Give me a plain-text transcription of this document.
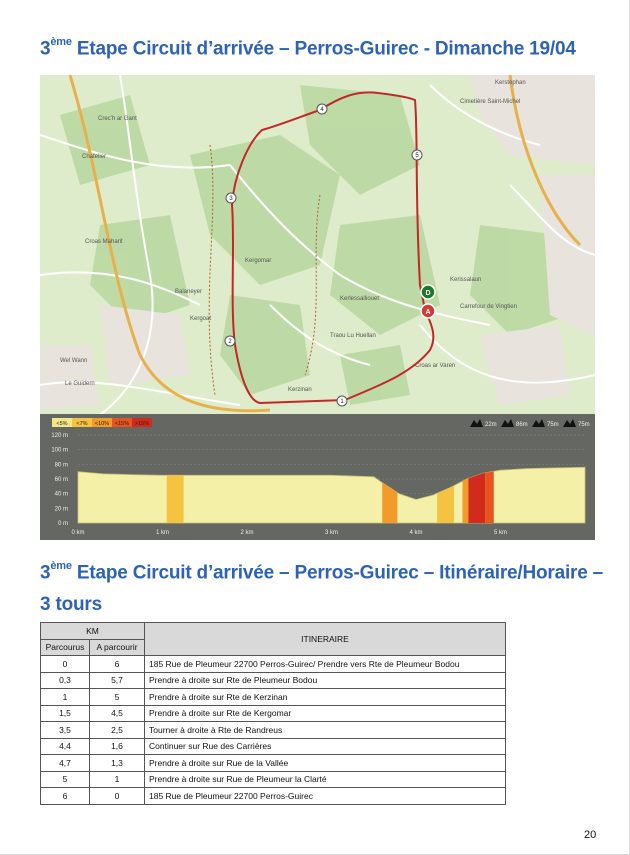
3ème Etape Circuit d’arrivée – Perros-Guirec - Dimanche 19/04
Crec'h ar Gant
Chatelier
Croas Maharit
Balaneyer
Kergomar
Kerlessalliouet
Traou Lu Huellan
Kerzinan
Croas ar Varen
Kerissalaun
Kerstephan
Cimetière Saint-Michel
Carrefour de Vingtien
Le Guidern
Wel Wann
Kergoat
1
2
3
4
5
D
A
<5% <7% <10% <15% >15%	22m	86m	75m	75m
0 m
20 m
40 m
60 m
80 m
100 m
120 m
0 km	1 km	2 km	3 km	4 km	5 km
3ème Etape Circuit d’arrivée – Perros-Guirec – Itinéraire/Horaire – 3 tours
KM		ITINERAIRE
Parcourus	A parcourir	
0	6	185 Rue de Pleumeur 22700 Perros-Guirec/ Prendre vers Rte de Pleumeur Bodou
0,3	5,7	Prendre à droite sur Rte de Pleumeur Bodou
1	5	Prendre à droite sur Rte de Kerzinan
1,5	4,5	Prendre à droite sur Rte de Kergomar
3,5	2,5	Tourner à droite à Rte de Randreus
4,4	1,6	Continuer sur Rue des Carrières
4,7	1,3	Prendre à droite sur Rue de la Vallée
5	1	Prendre à droite sur Rue de Pleumeur la Clarté
6	0	185 Rue de Pleumeur 22700 Perros-Guirec
20
